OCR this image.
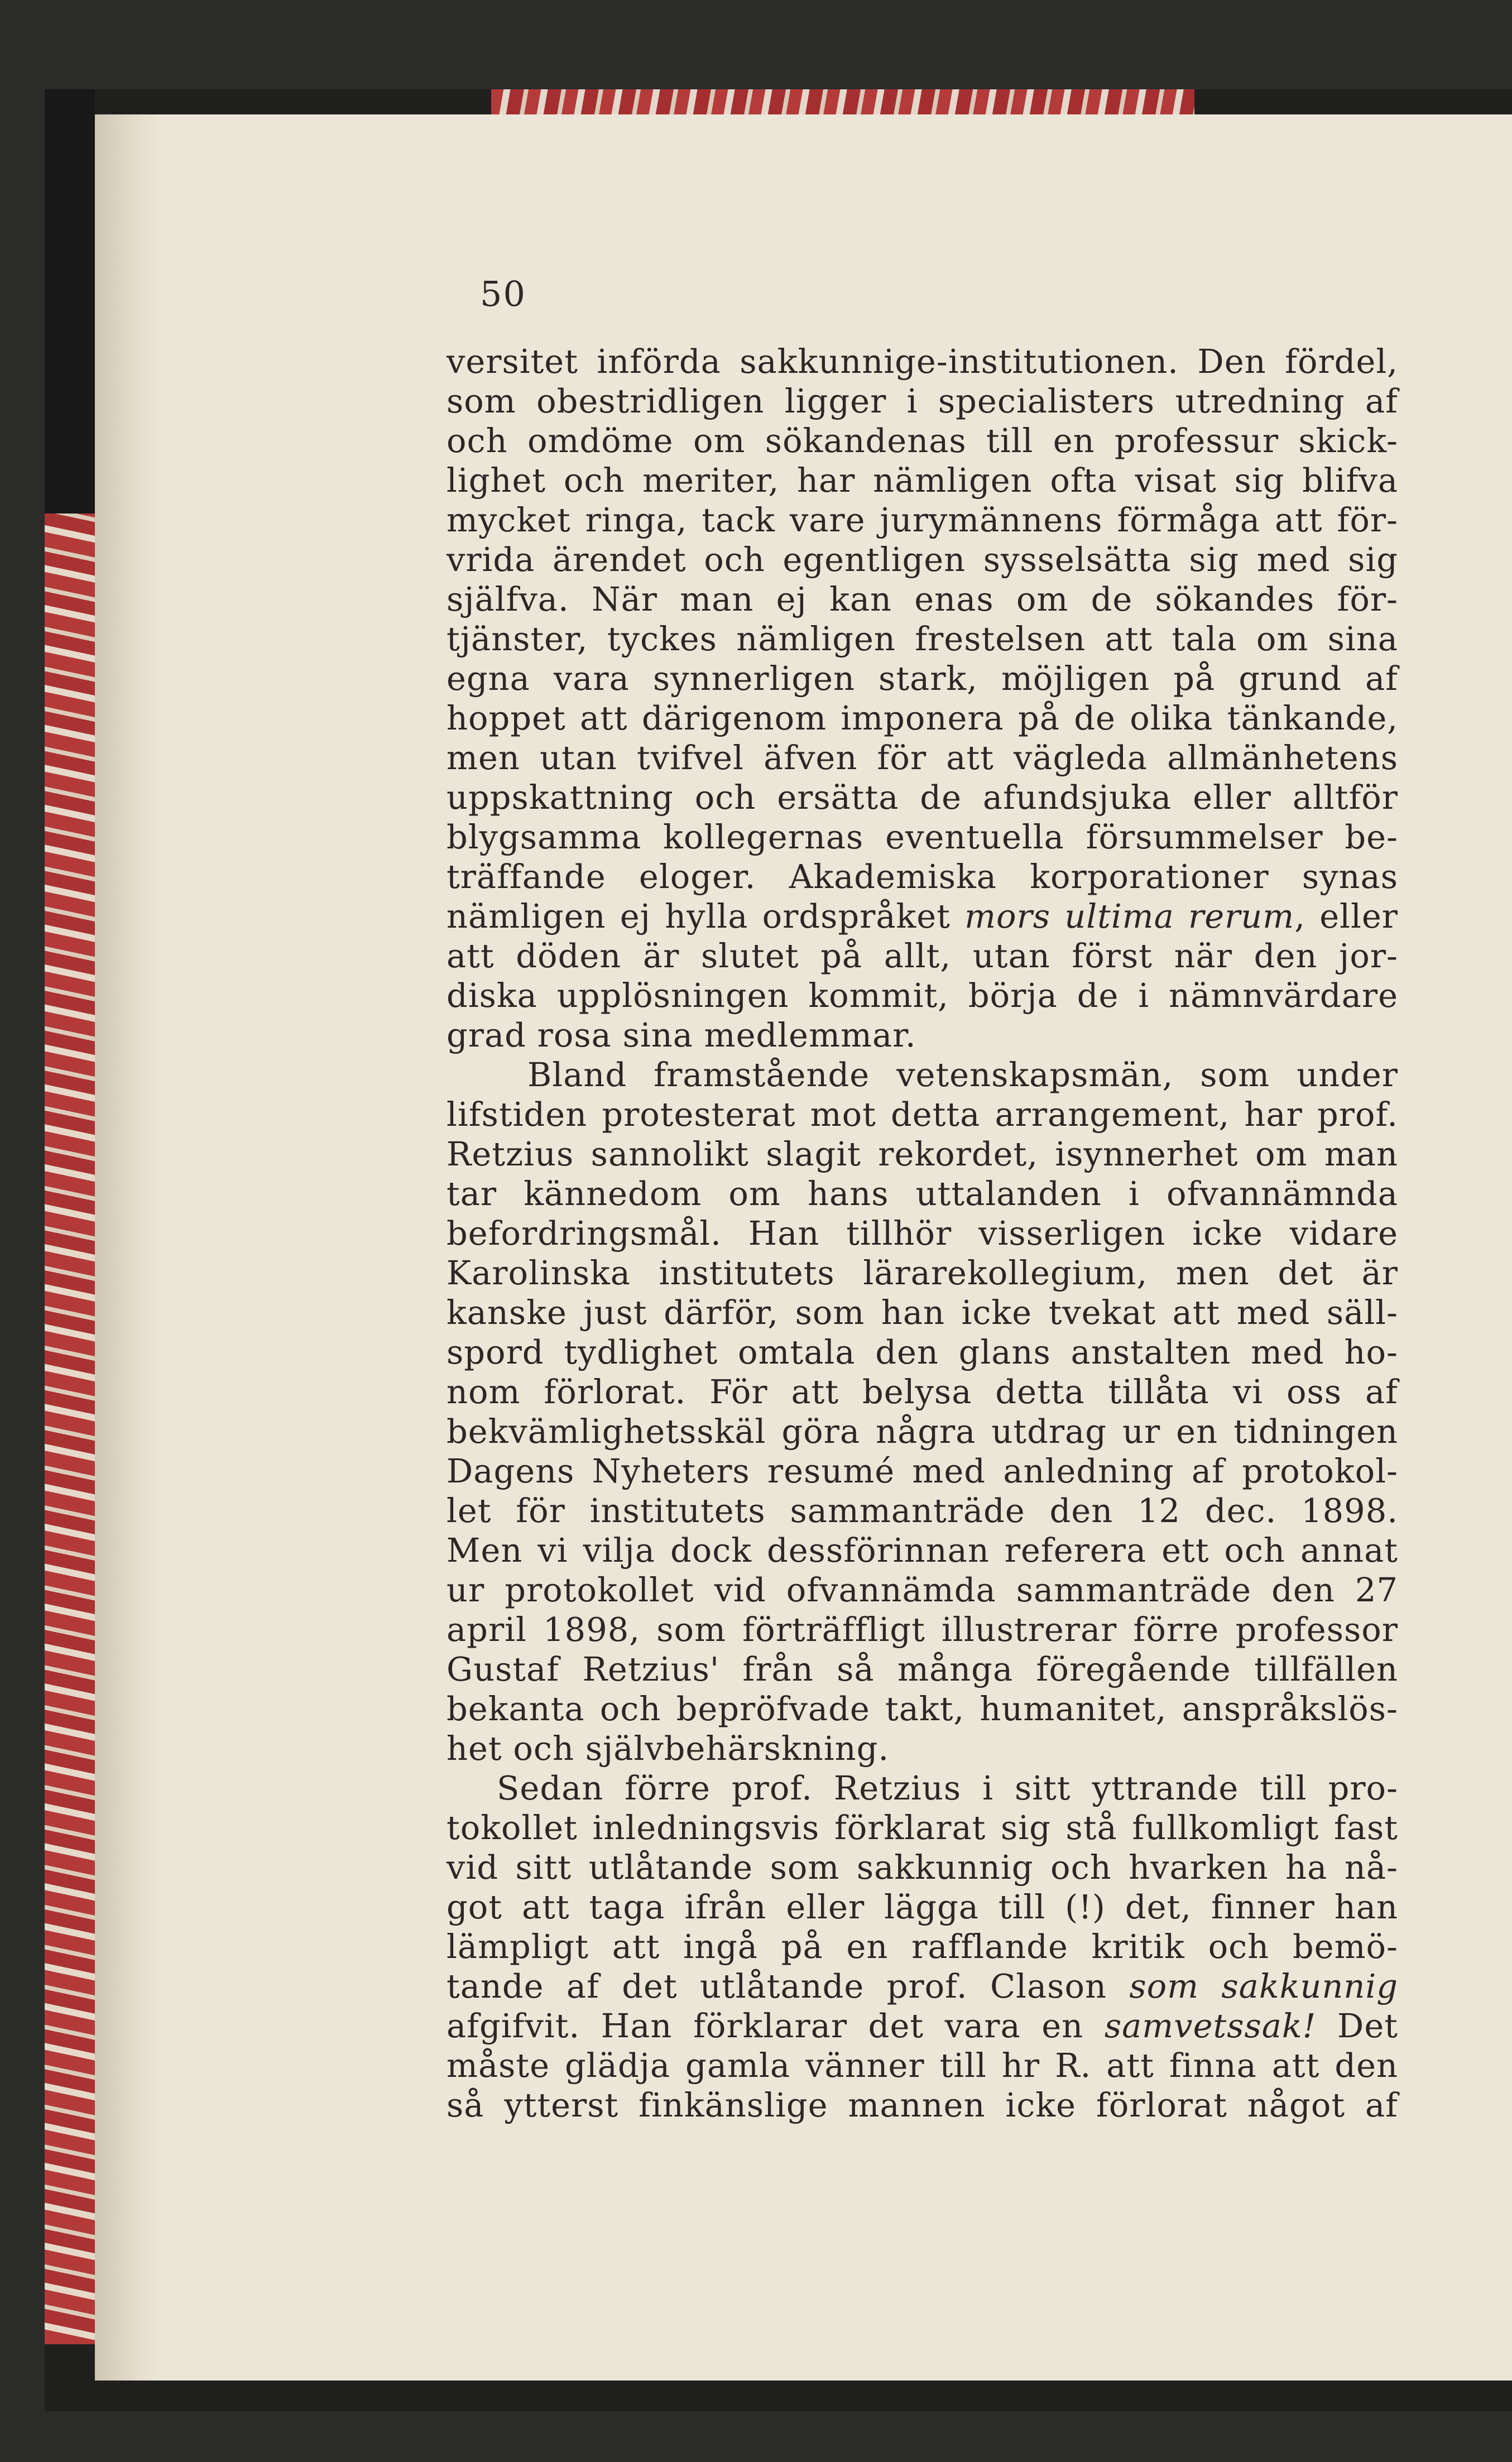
50
versitet införda sakkunnige-institutionen. Den fördel,
som obestridligen ligger i specialisters utredning af
och omdöme om sökandenas till en professur skick-
lighet och meriter, har nämligen ofta visat sig blifva
mycket ringa, tack vare jurymännens förmåga att för-
vrida ärendet och egentligen sysselsätta sig med sig
själfva. När man ej kan enas om de sökandes för-
tjänster, tyckes nämligen frestelsen att tala om sina
egna vara synnerligen stark, möjligen på grund af
hoppet att därigenom imponera på de olika tänkande,
men utan tvifvel äfven för att vägleda allmänhetens
uppskattning och ersätta de afundsjuka eller alltför
blygsamma kollegernas eventuella försummelser be-
träffande eloger. Akademiska korporationer synas
nämligen ej hylla ordspråket mors ultima rerum, eller
att döden är slutet på allt, utan först när den jor-
diska upplösningen kommit, börja de i nämnvärdare
grad rosa sina medlemmar.
Bland framstående vetenskapsmän, som under
lifstiden protesterat mot detta arrangement, har prof.
Retzius sannolikt slagit rekordet, isynnerhet om man
tar kännedom om hans uttalanden i ofvannämnda
befordringsmål. Han tillhör visserligen icke vidare
Karolinska institutets lärarekollegium, men det är
kanske just därför, som han icke tvekat att med säll-
spord tydlighet omtala den glans anstalten med ho-
nom förlorat. För att belysa detta tillåta vi oss af
bekvämlighetsskäl göra några utdrag ur en tidningen
Dagens Nyheters resumé med anledning af protokol-
let för institutets sammanträde den 12 dec. 1898.
Men vi vilja dock dessförinnan referera ett och annat
ur protokollet vid ofvannämda sammanträde den 27
april 1898, som förträffligt illustrerar förre professor
Gustaf Retzius' från så många föregående tillfällen
bekanta och bepröfvade takt, humanitet, anspråkslös-
het och självbehärskning.
Sedan förre prof. Retzius i sitt yttrande till pro-
tokollet inledningsvis förklarat sig stå fullkomligt fast
vid sitt utlåtande som sakkunnig och hvarken ha nå-
got att taga ifrån eller lägga till (!) det, finner han
lämpligt att ingå på en rafflande kritik och bemö-
tande af det utlåtande prof. Clason som sakkunnig
afgifvit. Han förklarar det vara en samvetssak! Det
måste glädja gamla vänner till hr R. att finna att den
så ytterst finkänslige mannen icke förlorat något af
